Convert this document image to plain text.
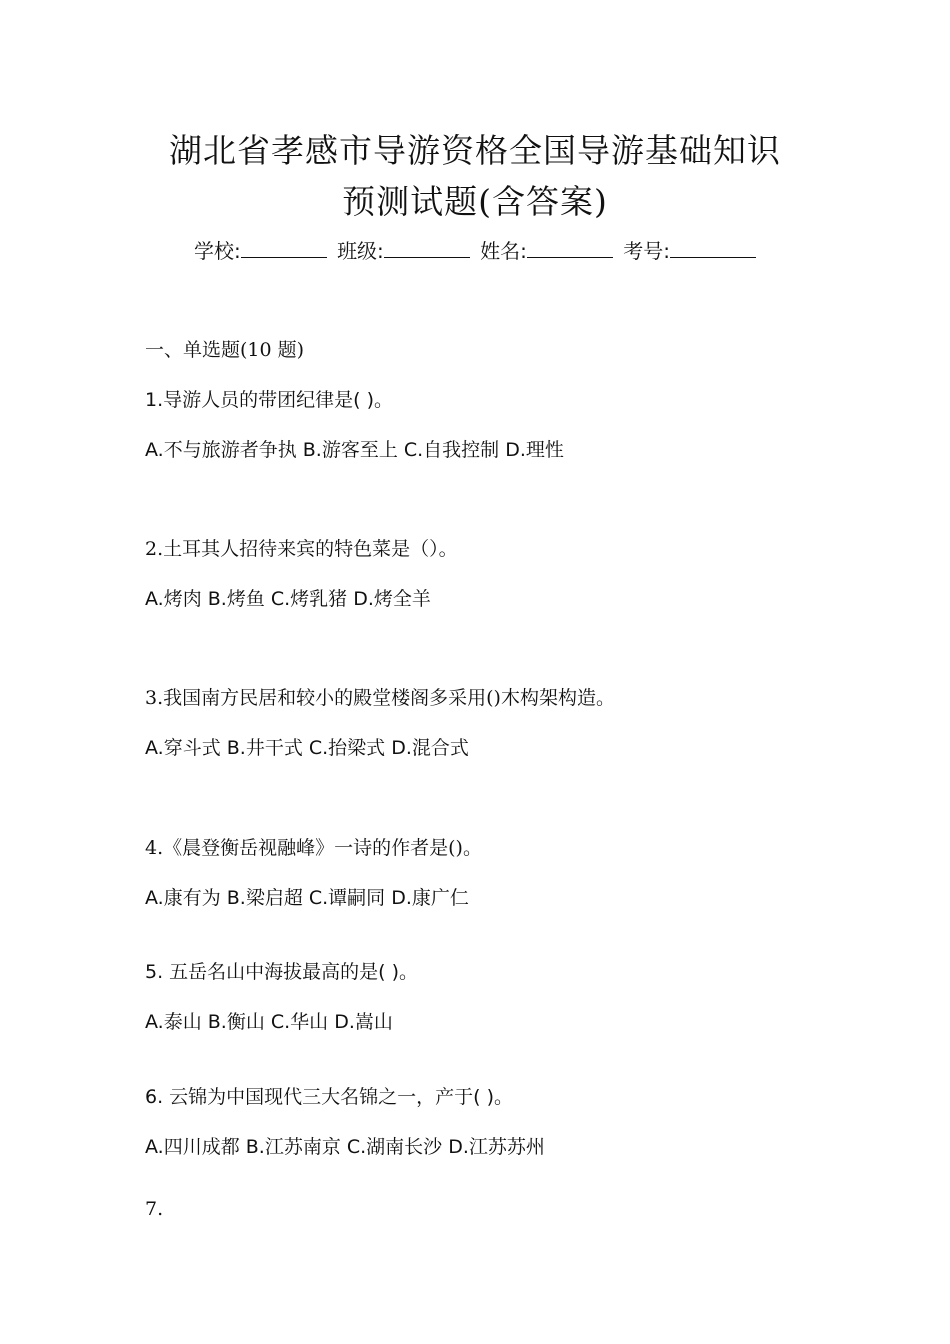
湖北省孝感市导游资格全国导游基础知识
预测试题(含答案)
学校:	班级:	姓名:	考号:
一、单选题(10 题)
1.导游人员的带团纪律是( )。
A.不与旅游者争执 B.游客至上 C.自我控制 D.理性
2.土耳其人招待来宾的特色菜是（）。
A.烤肉 B.烤鱼 C.烤乳猪 D.烤全羊
3.我国南方民居和较小的殿堂楼阁多采用()木构架构造。
A.穿斗式 B.井干式 C.抬梁式 D.混合式
4.《晨登衡岳视融峰》一诗的作者是()。
A.康有为 B.梁启超 C.谭嗣同 D.康广仁
5. 五岳名山中海拔最高的是( )。
A.泰山 B.衡山 C.华山 D.嵩山
6. 云锦为中国现代三大名锦之一，产于( )。
A.四川成都 B.江苏南京 C.湖南长沙 D.江苏苏州
7.
